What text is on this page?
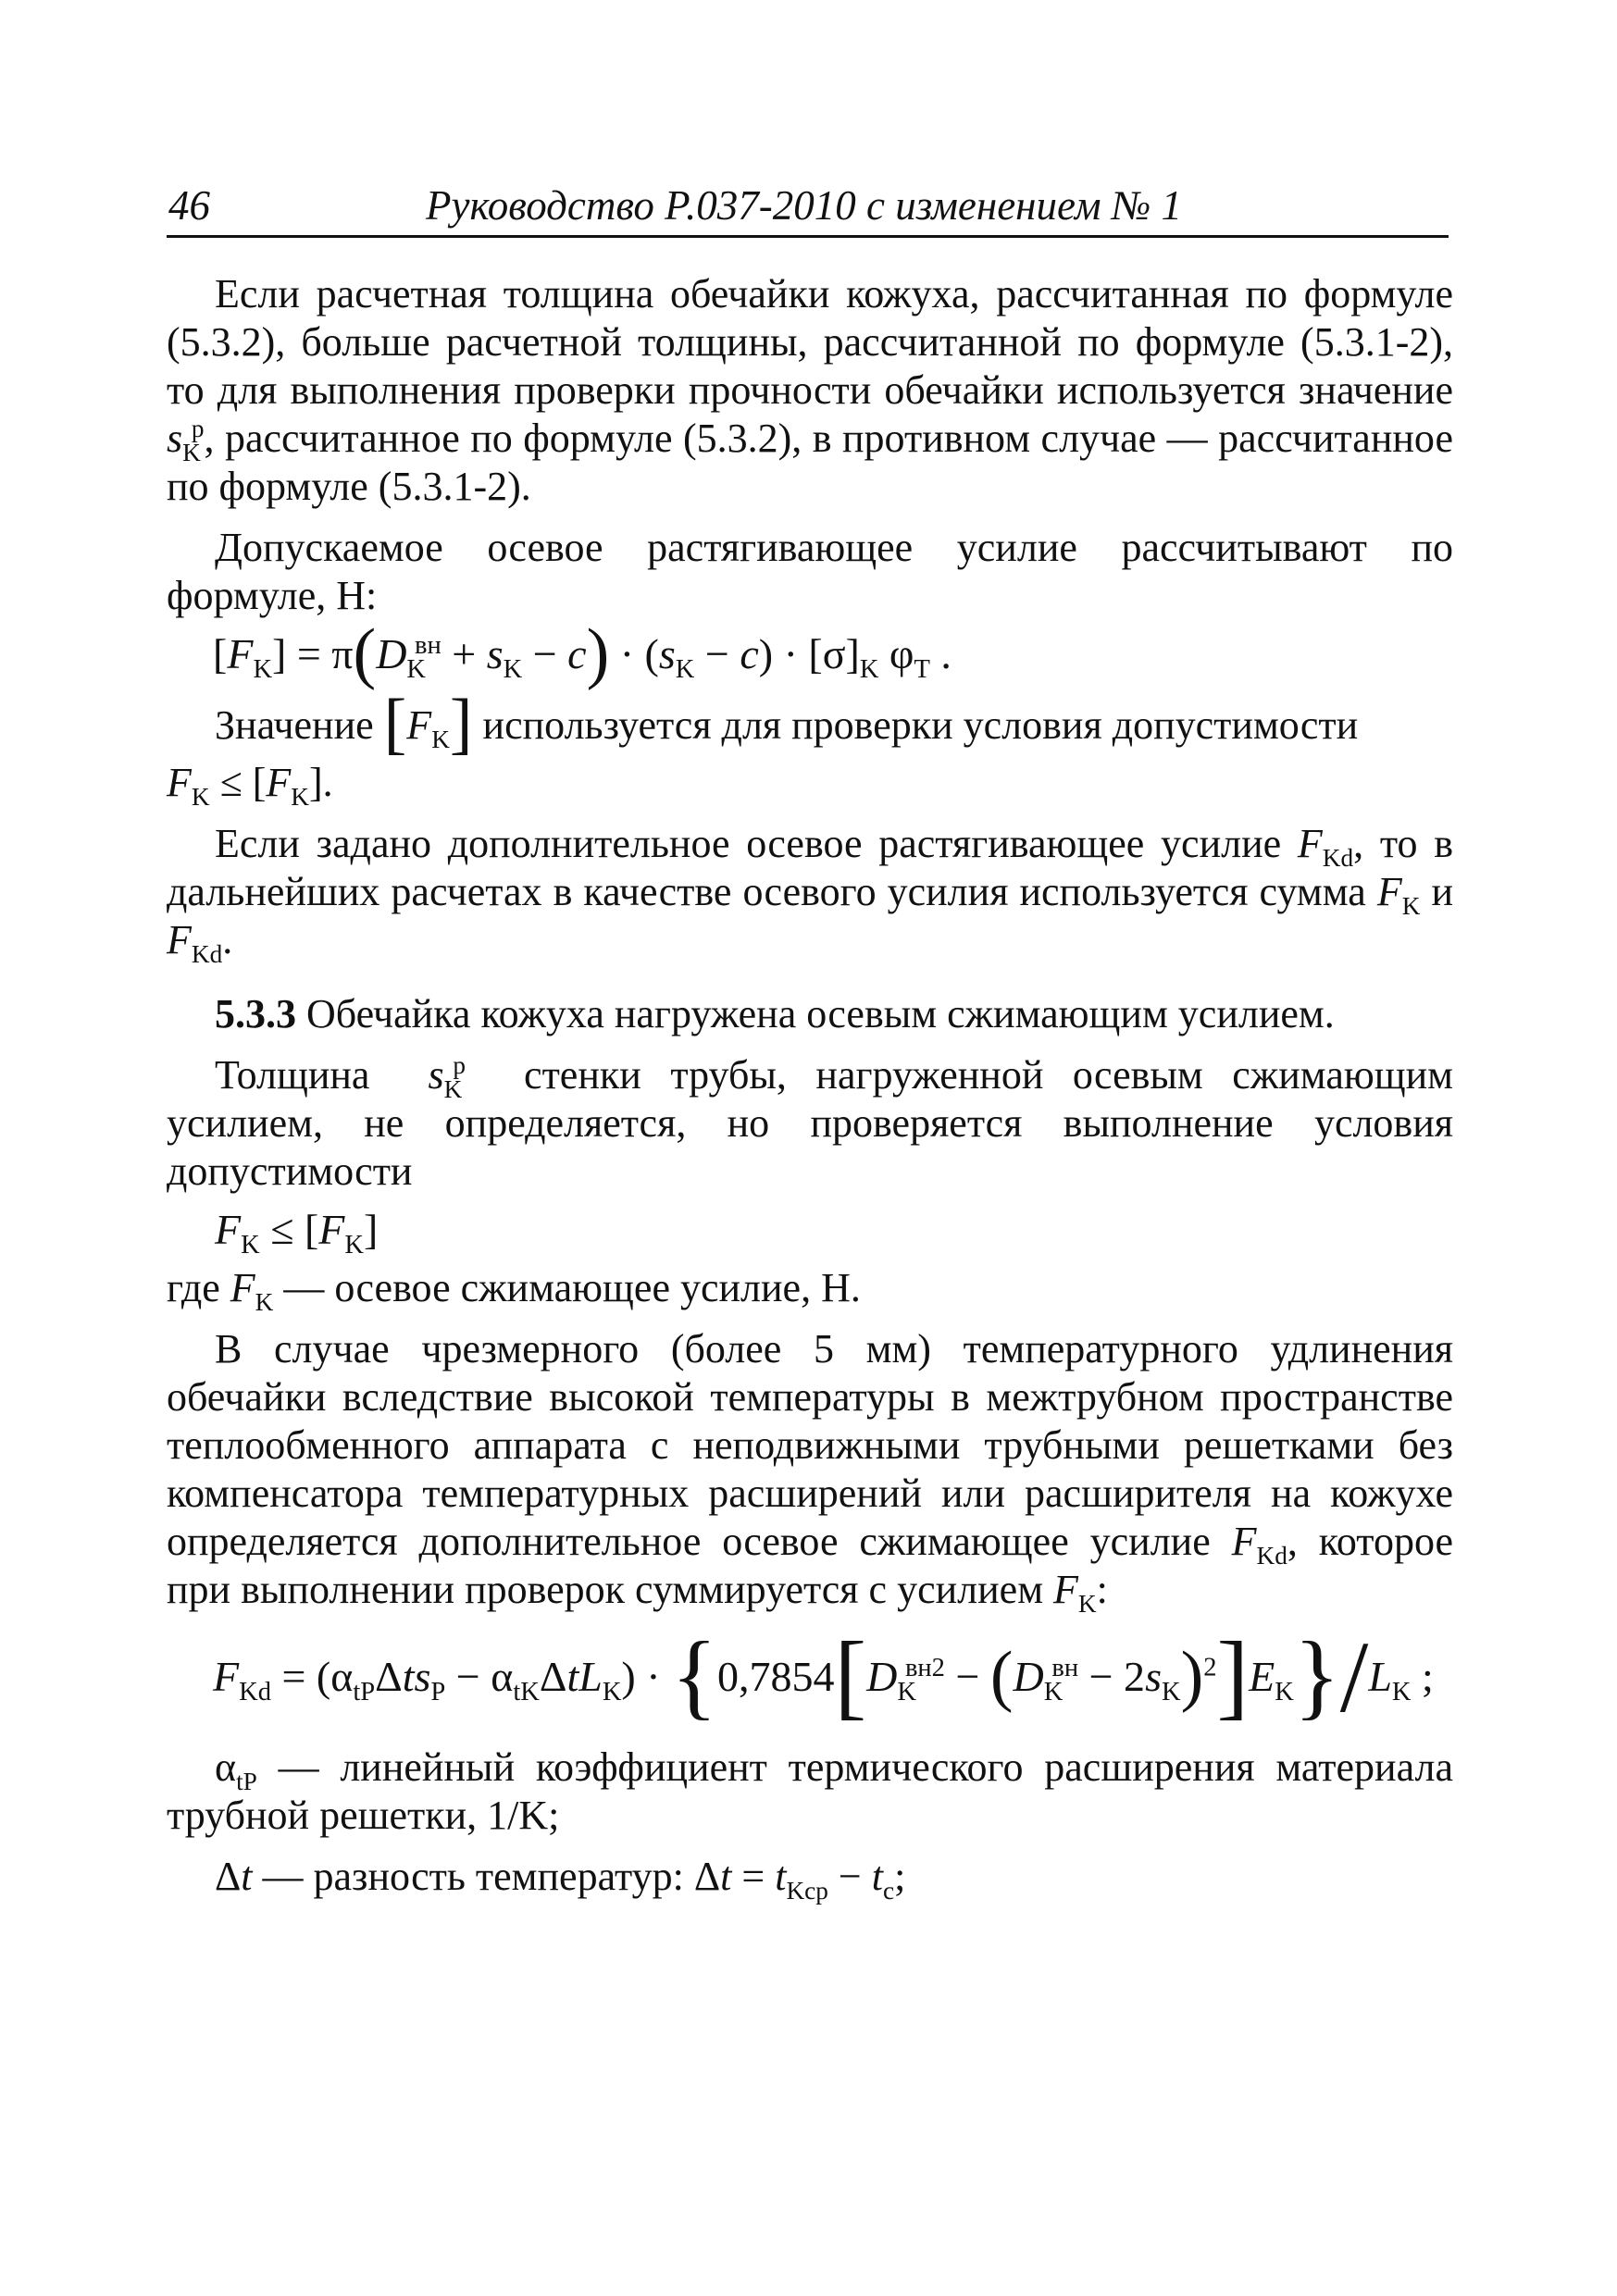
46	Руководство Р.037-2010 с изменением № 1

Если расчетная толщина обечайки кожуха, рассчитанная по формуле (5.3.2), больше расчетной толщины, рассчитанной по формуле (5.3.1-2), то для выполнения проверки прочности обечайки используется значение $s_K^р$, рассчитанное по формуле (5.3.2), в противном случае — рассчитанное по формуле (5.3.1-2).

Допускаемое осевое растягивающее усилие рассчитывают по формуле, Н:

$[F_K] = \pi(D_K^{вн} + s_K - c) \cdot (s_K - c) \cdot [\sigma]_K$ $\varphi_T$ .

Значение $[F_K]$ используется для проверки условия допустимости

$F_K \le [F_K]$.

Если задано дополнительное осевое растягивающее усилие $F_{Kd}$, то в дальнейших расчетах в качестве осевого усилия используется сумма $F_K$ и $F_{Kd}$.

5.3.3 Обечайка кожуха нагружена осевым сжимающим усилием.

Толщина $s_K^р$ стенки трубы, нагруженной осевым сжимающим усилием, не определяется, но проверяется выполнение условия допустимости

$F_K \le [F_K]$

где $F_K$ — осевое сжимающее усилие, Н.

В случае чрезмерного (более 5 мм) температурного удлинения обечайки вследствие высокой температуры в межтрубном пространстве теплообменного аппарата с неподвижными трубными решетками без компенсатора температурных расширений или расширителя на кожухе определяется дополнительное осевое сжимающее усилие $F_{Kd}$, которое при выполнении проверок суммируется с усилием $F_K$:

$F_{Kd} = (\alpha_{tP}\Delta ts_P - \alpha_{tK}\Delta tL_K) \cdot \{0,7854[D_K^{вн2} - (D_K^{вн} - 2s_K)^2]E_K\}/L_K$ ;

$\alpha_{tP}$ — линейный коэффициент термического расширения материала трубной решетки, 1/K;

Δt — разность температур: $\Delta t = t_{Kcp} - t_c$;
